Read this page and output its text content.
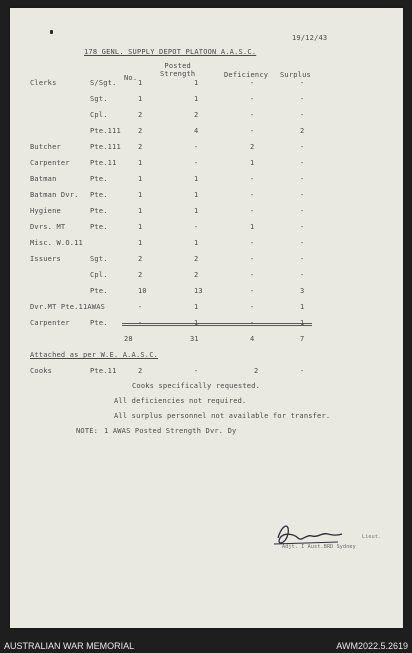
19/12/43
178 GENL. SUPPLY DEPOT PLATOON A.A.S.C.
No.
Posted
Strength	Deficiency Surplus
Clerks	S/Sgt.	1	1	-	-
Sgt.	1	1	-	-
Cpl.	2	2	-	-
Pte.111 2	4	-	2
Butcher	Pte.111 2	-	2	-
Carpenter	Pte.11	1	-	1	-
Batman	Pte.	1	1	-	-
Batman Dvr. Pte.	1	1	-	-
Hygiene	Pte.	1	1	-	-
Dvrs. MT	Pte.	1	-	1	-
Misc. W.O.11	1	1	-	-
Issuers	Sgt.	2	2	-	-
Cpl.	2	2	-	-
Pte.	10	13	-	3
Dvr.MT Pte.11AWAS	-	1	-	1
Carpenter	Pte.	-	1	-	1
28	31	4	7
Attached as per W.E. A.A.S.C.
Cooks	Pte.11	2	-	2	-
Cooks specifically requested.
All deficiencies not required.
All surplus personnel not available for transfer.
NOTE: 1 AWAS Posted Strength Dvr. Dy
Lieut.
Adjt. I Aust.BRD Sydney
AUSTRALIAN WAR MEMORIAL	AWM2022.5.2619
